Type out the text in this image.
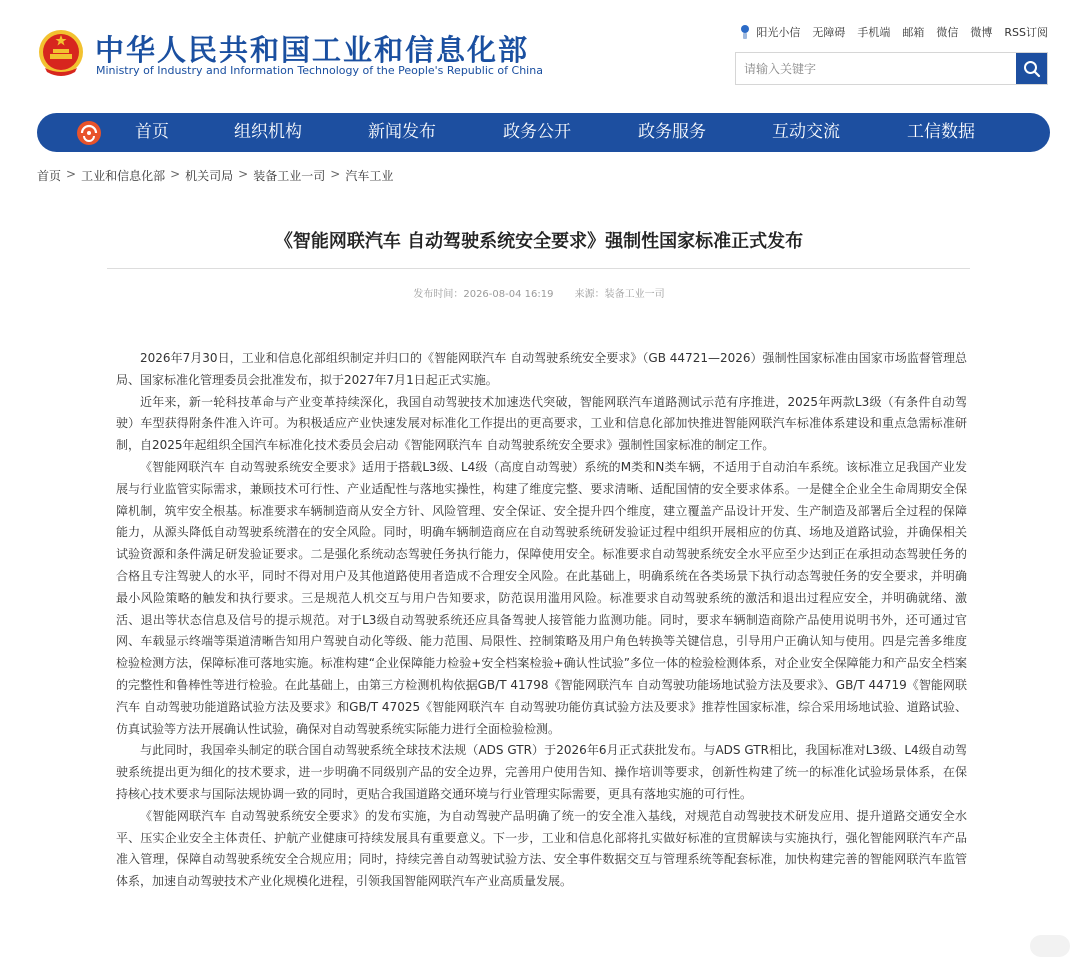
中华人民共和国工业和信息化部
Ministry of Industry and Information Technology of the People's Republic of China
阳光小信 无障碍 手机端 邮箱 微信 微博 RSS订阅
请输入关键字
首页	组织机构	新闻发布	政务公开	政务服务	互动交流	工信数据
首页 > 工业和信息化部 > 机关司局 > 装备工业一司 > 汽车工业
《智能网联汽车 自动驾驶系统安全要求》强制性国家标准正式发布
发布时间：2026-08-04 16:19 来源：装备工业一司

2026年7月30日，工业和信息化部组织制定并归口的《智能网联汽车 自动驾驶系统安全要求》（GB 44721—2026）强制性国家标准由国家市场监督管理总局、国家标准化管理委员会批准发布，拟于2027年7月1日起正式实施。

近年来，新一轮科技革命与产业变革持续深化，我国自动驾驶技术加速迭代突破，智能网联汽车道路测试示范有序推进，2025年两款L3级（有条件自动驾驶）车型获得附条件准入许可。为积极适应产业快速发展对标准化工作提出的更高要求，工业和信息化部加快推进智能网联汽车标准体系建设和重点急需标准研制，自2025年起组织全国汽车标准化技术委员会启动《智能网联汽车 自动驾驶系统安全要求》强制性国家标准的制定工作。

《智能网联汽车 自动驾驶系统安全要求》适用于搭载L3级、L4级（高度自动驾驶）系统的M类和N类车辆，不适用于自动泊车系统。该标准立足我国产业发展与行业监管实际需求，兼顾技术可行性、产业适配性与落地实操性，构建了维度完整、要求清晰、适配国情的安全要求体系。一是健全企业全生命周期安全保障机制，筑牢安全根基。标准要求车辆制造商从安全方针、风险管理、安全保证、安全提升四个维度，建立覆盖产品设计开发、生产制造及部署后全过程的保障能力，从源头降低自动驾驶系统潜在的安全风险。同时，明确车辆制造商应在自动驾驶系统研发验证过程中组织开展相应的仿真、场地及道路试验，并确保相关试验资源和条件满足研发验证要求。二是强化系统动态驾驶任务执行能力，保障使用安全。标准要求自动驾驶系统安全水平应至少达到正在承担动态驾驶任务的合格且专注驾驶人的水平，同时不得对用户及其他道路使用者造成不合理安全风险。在此基础上，明确系统在各类场景下执行动态驾驶任务的安全要求，并明确最小风险策略的触发和执行要求。三是规范人机交互与用户告知要求，防范误用滥用风险。标准要求自动驾驶系统的激活和退出过程应安全，并明确就绪、激活、退出等状态信息及信号的提示规范。对于L3级自动驾驶系统还应具备驾驶人接管能力监测功能。同时，要求车辆制造商除产品使用说明书外，还可通过官网、车载显示终端等渠道清晰告知用户驾驶自动化等级、能力范围、局限性、控制策略及用户角色转换等关键信息，引导用户正确认知与使用。四是完善多维度检验检测方法，保障标准可落地实施。标准构建“企业保障能力检验+安全档案检验+确认性试验”多位一体的检验检测体系，对企业安全保障能力和产品安全档案的完整性和鲁棒性等进行检验。在此基础上，由第三方检测机构依据GB/T 41798《智能网联汽车 自动驾驶功能场地试验方法及要求》、GB/T 44719《智能网联汽车 自动驾驶功能道路试验方法及要求》和GB/T 47025《智能网联汽车 自动驾驶功能仿真试验方法及要求》推荐性国家标准，综合采用场地试验、道路试验、仿真试验等方法开展确认性试验，确保对自动驾驶系统实际能力进行全面检验检测。

与此同时，我国牵头制定的联合国自动驾驶系统全球技术法规（ADS GTR）于2026年6月正式获批发布。与ADS GTR相比，我国标准对L3级、L4级自动驾驶系统提出更为细化的技术要求，进一步明确不同级别产品的安全边界，完善用户使用告知、操作培训等要求，创新性构建了统一的标准化试验场景体系，在保持核心技术要求与国际法规协调一致的同时，更贴合我国道路交通环境与行业管理实际需要，更具有落地实施的可行性。

《智能网联汽车 自动驾驶系统安全要求》的发布实施，为自动驾驶产品明确了统一的安全准入基线，对规范自动驾驶技术研发应用、提升道路交通安全水平、压实企业安全主体责任、护航产业健康可持续发展具有重要意义。下一步，工业和信息化部将扎实做好标准的宣贯解读与实施执行，强化智能网联汽车产品准入管理，保障自动驾驶系统安全合规应用；同时，持续完善自动驾驶试验方法、安全事件数据交互与管理系统等配套标准，加快构建完善的智能网联汽车监管体系，加速自动驾驶技术产业化规模化进程，引领我国智能网联汽车产业高质量发展。
